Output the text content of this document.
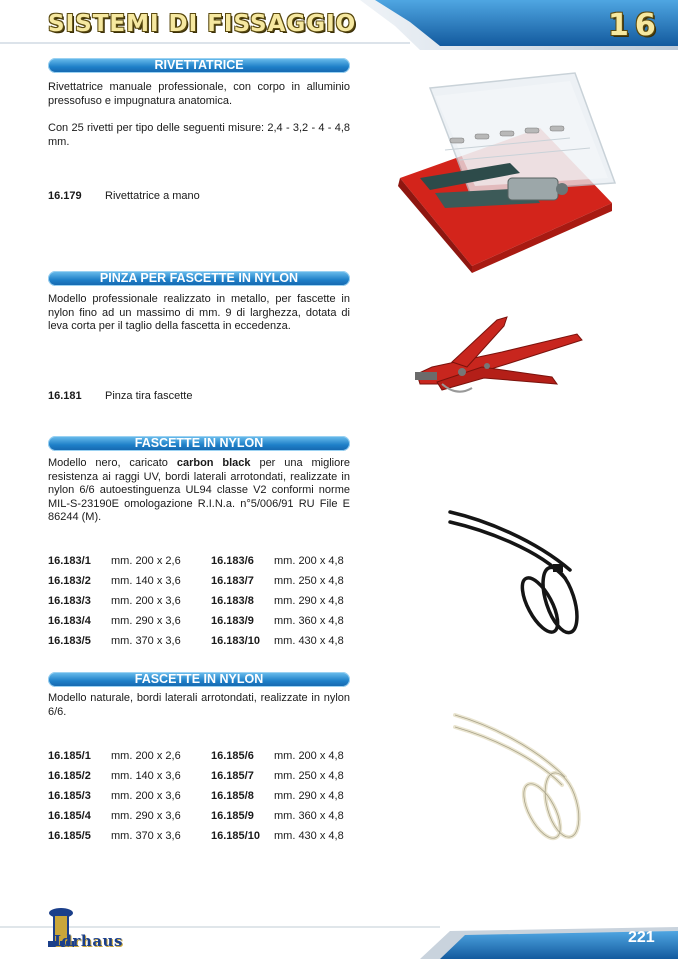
SISTEMI DI FISSAGGIO	16
RIVETTATRICE
Rivettatrice manuale professionale, con corpo in alluminio pressofuso e impugnatura anatomica.
Con 25 rivetti per tipo delle seguenti misure: 2,4 - 3,2 - 4 - 4,8 mm.
16.179 Rivettatrice a mano
PINZA PER FASCETTE IN NYLON
Modello professionale realizzato in metallo, per fascette in nylon fino ad un massimo di mm. 9 di larghezza, dotata di leva corta per il taglio della fascetta in eccedenza.
16.181 Pinza tira fascette
FASCETTE IN NYLON
Modello nero, caricato carbon black per una migliore resistenza ai raggi UV, bordi laterali arrotondati, realizzate in nylon 6/6 autoestinguenza UL94 classe V2 conformi norme MIL-S-23190E omologazione R.I.N.a. n°5/006/91 RU File E 86244 (M).
16.183/1	mm. 200 x 2,6	16.183/6	mm. 200 x 4,8
16.183/2	mm. 140 x 3,6	16.183/7	mm. 250 x 4,8
16.183/3	mm. 200 x 3,6	16.183/8	mm. 290 x 4,8
16.183/4	mm. 290 x 3,6	16.183/9	mm. 360 x 4,8
16.183/5	mm. 370 x 3,6	16.183/10	mm. 430 x 4,8
FASCETTE IN NYLON
Modello naturale, bordi laterali arrotondati, realizzate in nylon 6/6.
16.185/1	mm. 200 x 2,6	16.185/6	mm. 200 x 4,8
16.185/2	mm. 140 x 3,6	16.185/7	mm. 250 x 4,8
16.185/3	mm. 200 x 3,6	16.185/8	mm. 290 x 4,8
16.185/4	mm. 290 x 3,6	16.185/9	mm. 360 x 4,8
16.185/5	mm. 370 x 3,6	16.185/10	mm. 430 x 4,8
Idrhaus	221
